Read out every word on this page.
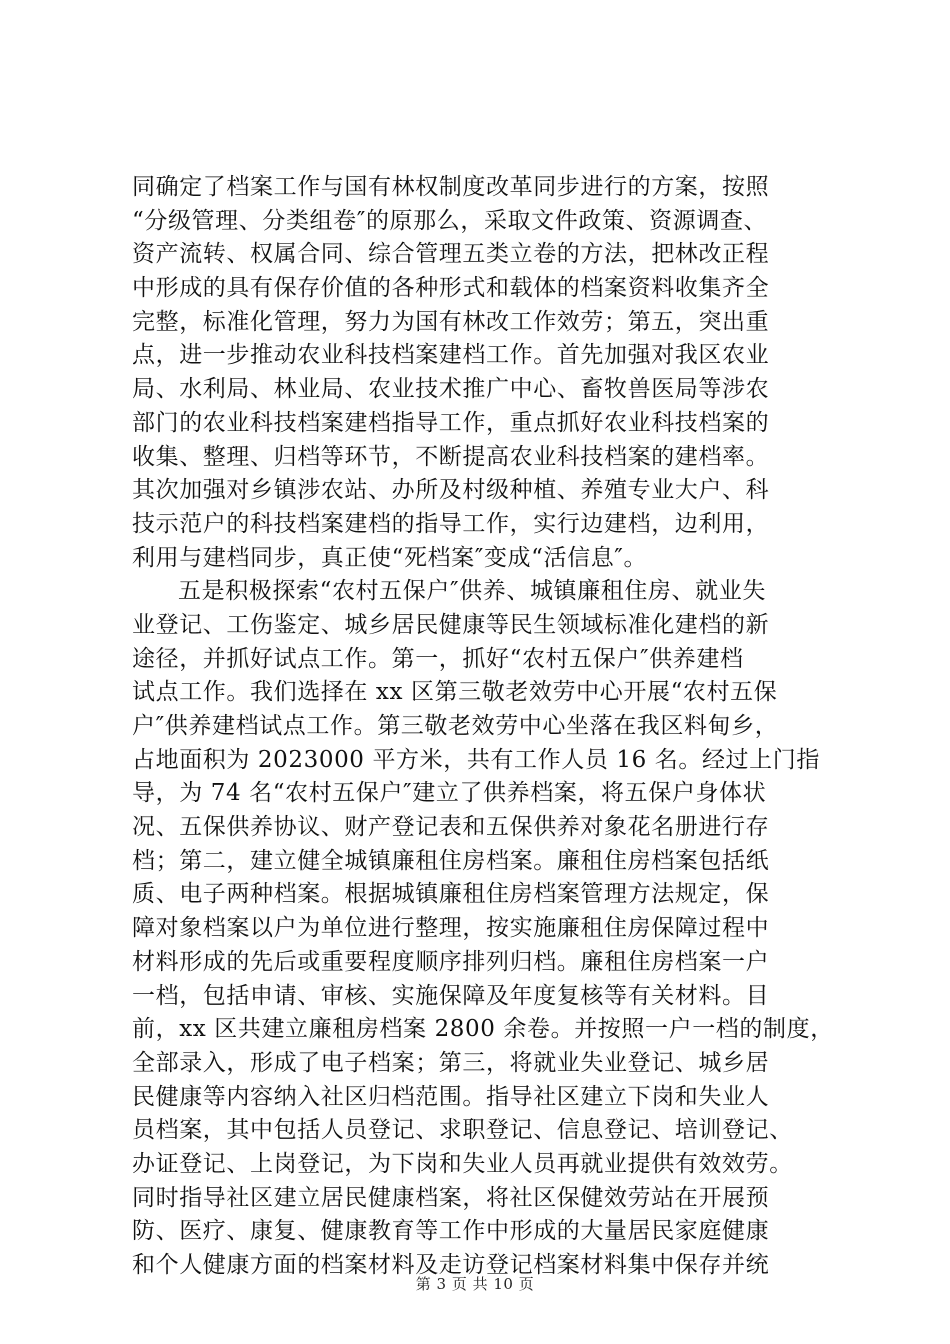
同确定了档案工作与国有林权制度改革同步进行的方案，按照
“分级管理、分类组卷″的原那么，采取文件政策、资源调查、
资产流转、权属合同、综合管理五类立卷的方法，把林改正程
中形成的具有保存价值的各种形式和载体的档案资料收集齐全
完整，标准化管理，努力为国有林改工作效劳；第五，突出重
点，进一步推动农业科技档案建档工作。首先加强对我区农业
局、水利局、林业局、农业技术推广中心、畜牧兽医局等涉农
部门的农业科技档案建档指导工作，重点抓好农业科技档案的
收集、整理、归档等环节，不断提高农业科技档案的建档率。
其次加强对乡镇涉农站、办所及村级种植、养殖专业大户、科
技示范户的科技档案建档的指导工作，实行边建档，边利用，
利用与建档同步，真正使“死档案″变成“活信息″。
五是积极探索“农村五保户″供养、城镇廉租住房、就业失
业登记、工伤鉴定、城乡居民健康等民生领域标准化建档的新
途径，并抓好试点工作。第一，抓好“农村五保户″供养建档
试点工作。我们选择在 xx 区第三敬老效劳中心开展“农村五保
户″供养建档试点工作。第三敬老效劳中心坐落在我区料甸乡，
占地面积为 2023000 平方米，共有工作人员 16 名。经过上门指
导，为 74 名“农村五保户″建立了供养档案，将五保户身体状
况、五保供养协议、财产登记表和五保供养对象花名册进行存
档；第二，建立健全城镇廉租住房档案。廉租住房档案包括纸
质、电子两种档案。根据城镇廉租住房档案管理方法规定，保
障对象档案以户为单位进行整理，按实施廉租住房保障过程中
材料形成的先后或重要程度顺序排列归档。廉租住房档案一户
一档，包括申请、审核、实施保障及年度复核等有关材料。目
前，xx 区共建立廉租房档案 2800 余卷。并按照一户一档的制度，
全部录入，形成了电子档案；第三，将就业失业登记、城乡居
民健康等内容纳入社区归档范围。指导社区建立下岗和失业人
员档案，其中包括人员登记、求职登记、信息登记、培训登记、
办证登记、上岗登记，为下岗和失业人员再就业提供有效效劳。
同时指导社区建立居民健康档案，将社区保健效劳站在开展预
防、医疗、康复、健康教育等工作中形成的大量居民家庭健康
和个人健康方面的档案材料及走访登记档案材料集中保存并统
第 3 页 共 10 页
